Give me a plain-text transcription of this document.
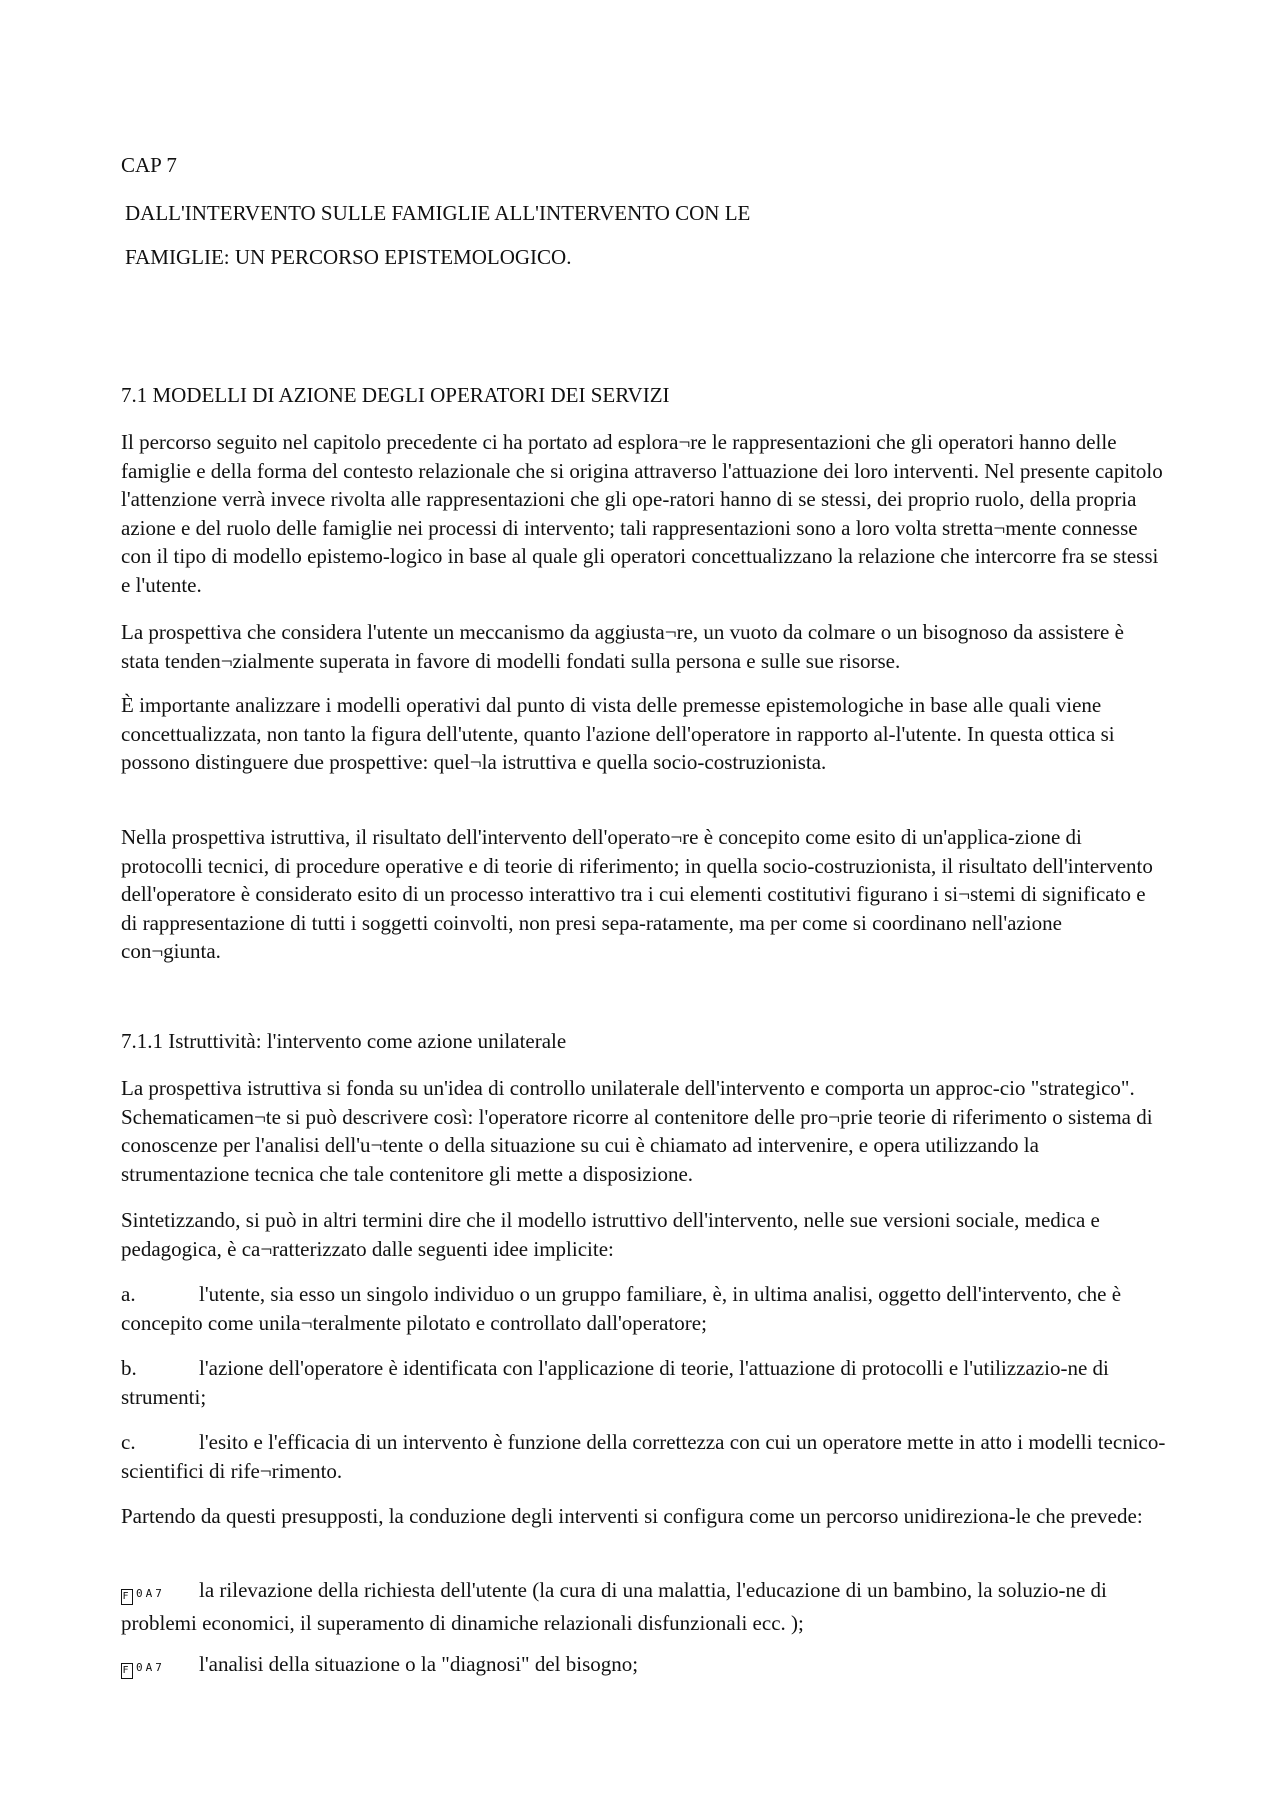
CAP 7
DALL'INTERVENTO SULLE FAMIGLIE ALL'INTERVENTO CON LE
FAMIGLIE: UN PERCORSO EPISTEMOLOGICO.
7.1 MODELLI DI AZIONE DEGLI OPERATORI DEI SERVIZI

Il percorso seguito nel capitolo precedente ci ha portato ad esplora¬re le rappresentazioni che gli operatori hanno delle famiglie e della forma del contesto relazionale che si origina attraverso l'attuazione dei loro interventi. Nel presente capitolo l'attenzione verrà invece rivolta alle rappresentazioni che gli ope-ratori hanno di se stessi, dei proprio ruolo, della propria azione e del ruolo delle famiglie nei processi di intervento; tali rappresentazioni sono a loro volta stretta¬mente connesse con il tipo di modello epistemo-logico in base al quale gli operatori concettualizzano la relazione che intercorre fra se stessi e l'utente.

La prospettiva che considera l'utente un meccanismo da aggiusta¬re, un vuoto da colmare o un bisognoso da assistere è stata tenden¬zialmente superata in favore di modelli fondati sulla persona e sulle sue risorse.

È importante analizzare i modelli operativi dal punto di vista delle premesse epistemologiche in base alle quali viene concettualizzata, non tanto la figura dell'utente, quanto l'azione dell'operatore in rapporto al-l'utente. In questa ottica si possono distinguere due prospettive: quel¬la istruttiva e quella socio-costruzionista.

Nella prospettiva istruttiva, il risultato dell'intervento dell'operato¬re è concepito come esito di un'applica-zione di protocolli tecnici, di procedure operative e di teorie di riferimento; in quella socio-costruzionista, il risultato dell'intervento dell'operatore è considerato esito di un processo interattivo tra i cui elementi costitutivi figurano i si¬stemi di significato e di rappresentazione di tutti i soggetti coinvolti, non presi sepa-ratamente, ma per come si coordinano nell'azione con¬giunta.

7.1.1 Istruttività: l'intervento come azione unilaterale

La prospettiva istruttiva si fonda su un'idea di controllo unilaterale dell'intervento e comporta un approc-cio "strategico". Schematicamen¬te si può descrivere così: l'operatore ricorre al contenitore delle pro¬prie teorie di riferimento o sistema di conoscenze per l'analisi dell'u¬tente o della situazione su cui è chiamato ad intervenire, e opera utilizzando la strumentazione tecnica che tale contenitore gli mette a disposizione.

Sintetizzando, si può in altri termini dire che il modello istruttivo dell'intervento, nelle sue versioni sociale, medica e pedagogica, è ca¬ratterizzato dalle seguenti idee implicite:

a.	l'utente, sia esso un singolo individuo o un gruppo familiare, è, in ultima analisi, oggetto dell'intervento, che è concepito come unila¬teralmente pilotato e controllato dall'operatore;
b.	l'azione dell'operatore è identificata con l'applicazione di teorie, l'attuazione di protocolli e l'utilizzazio-ne di strumenti;
c.	l'esito e l'efficacia di un intervento è funzione della correttezza con cui un operatore mette in atto i modelli tecnico-scientifici di rife¬rimento.

Partendo da questi presupposti, la conduzione degli interventi si configura come un percorso unidireziona-le che prevede:

F 0A7 la rilevazione della richiesta dell'utente (la cura di una malattia, l'educazione di un bambino, la soluzio-ne di problemi economici, il superamento di dinamiche relazionali disfunzionali ecc. );
F 0A7 l'analisi della situazione o la "diagnosi" del bisogno;
